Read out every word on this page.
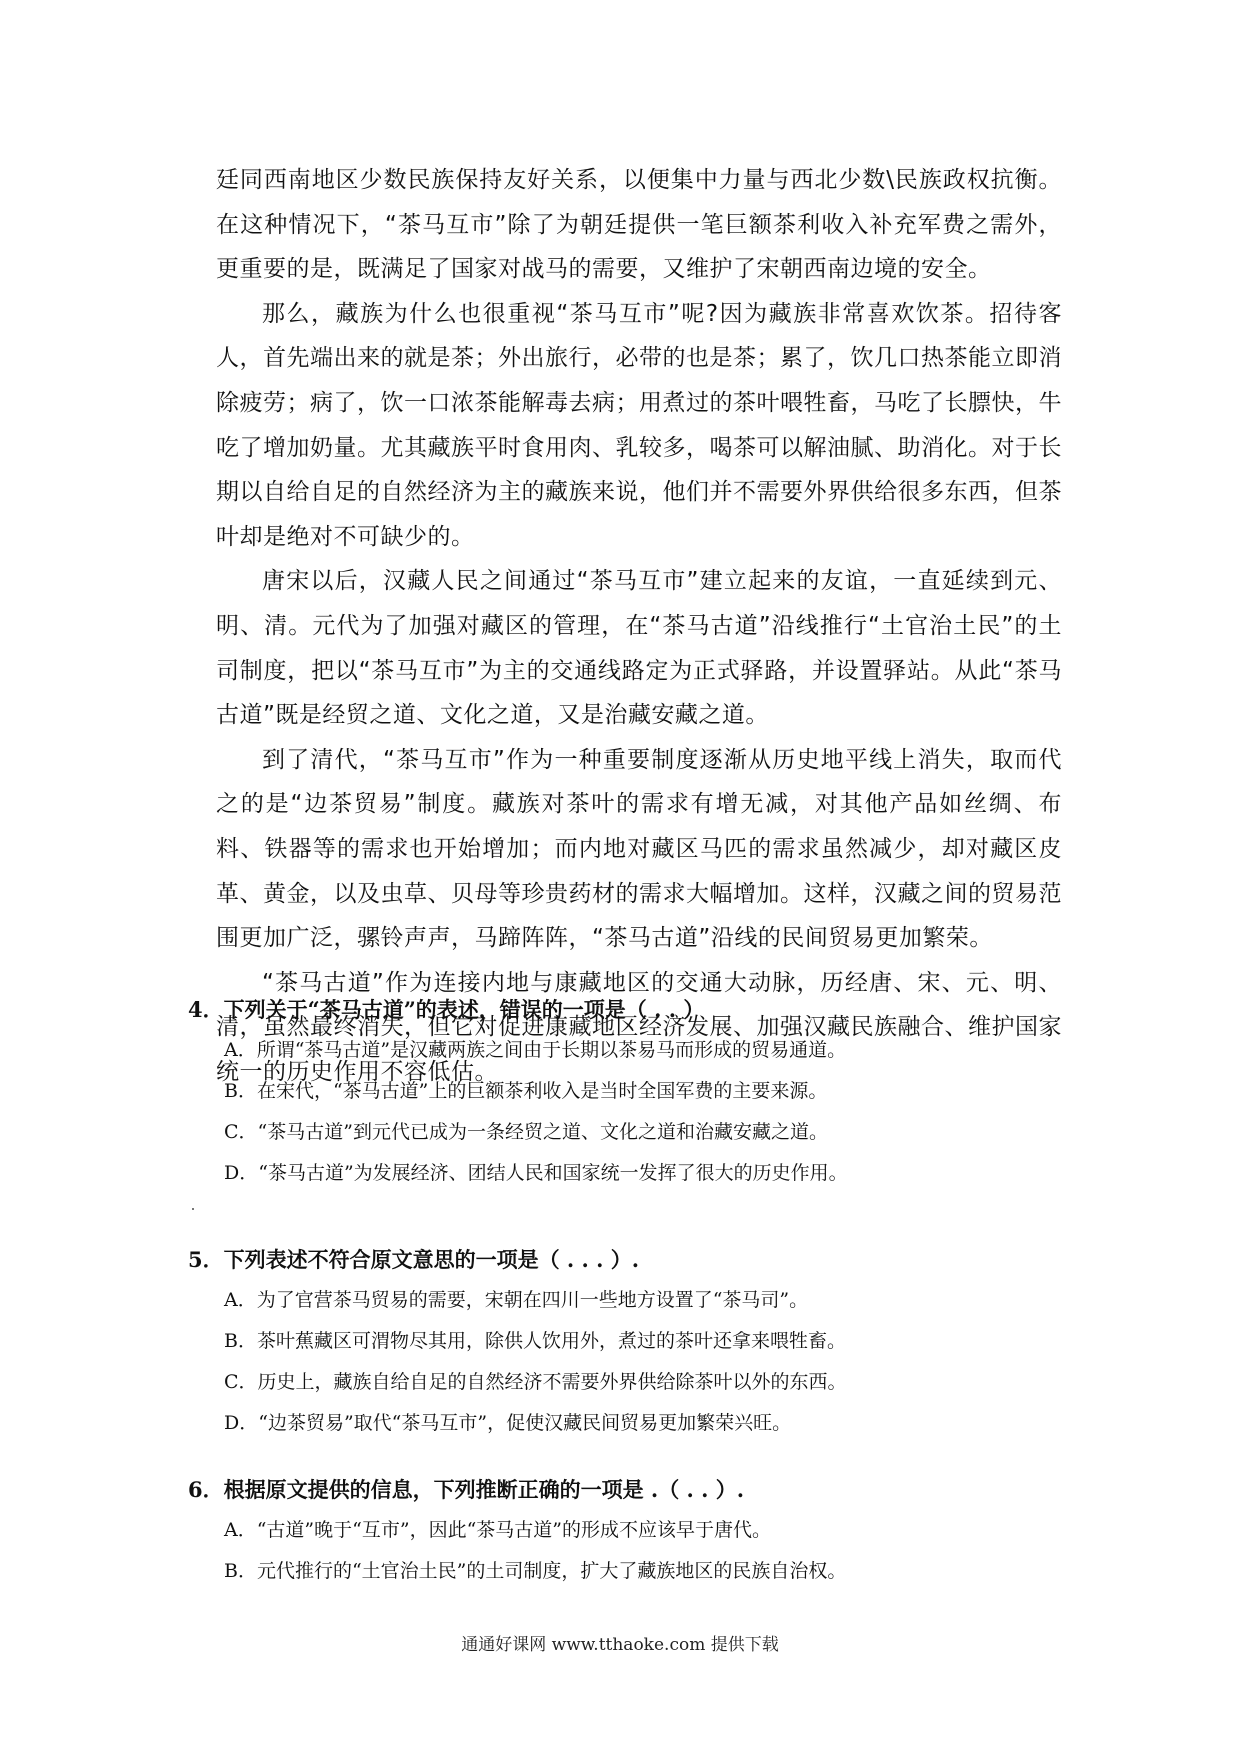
廷同西南地区少数民族保持友好关系，以便集中力量与西北少数\民族政权抗衡。在这种情况下，“茶马互市”除了为朝廷提供一笔巨额茶利收入补充军费之需外，更重要的是，既满足了国家对战马的需要，又维护了宋朝西南边境的安全。

那么，藏族为什么也很重视“茶马互市”呢?因为藏族非常喜欢饮茶。招待客人，首先端出来的就是茶；外出旅行，必带的也是茶；累了，饮几口热茶能立即消除疲劳；病了，饮一口浓茶能解毒去病；用煮过的茶叶喂牲畜，马吃了长膘快，牛吃了增加奶量。尤其藏族平时食用肉、乳较多，喝茶可以解油腻、助消化。对于长期以自给自足的自然经济为主的藏族来说，他们并不需要外界供给很多东西，但茶叶却是绝对不可缺少的。

唐宋以后，汉藏人民之间通过“茶马互市”建立起来的友谊，一直延续到元、明、清。元代为了加强对藏区的管理，在“茶马古道”沿线推行“土官治土民”的土司制度，把以“茶马互市”为主的交通线路定为正式驿路，并设置驿站。从此“茶马古道”既是经贸之道、文化之道，又是治藏安藏之道。

到了清代，“茶马互市”作为一种重要制度逐渐从历史地平线上消失，取而代之的是“边茶贸易”制度。藏族对茶叶的需求有增无减，对其他产品如丝绸、布料、铁器等的需求也开始增加；而内地对藏区马匹的需求虽然减少，却对藏区皮革、黄金，以及虫草、贝母等珍贵药材的需求大幅增加。这样，汉藏之间的贸易范围更加广泛，骡铃声声，马蹄阵阵，“茶马古道”沿线的民间贸易更加繁荣。

“茶马古道”作为连接内地与康藏地区的交通大动脉，历经唐、宋、元、明、清，虽然最终消失，但它对促进康藏地区经济发展、加强汉藏民族融合、维护国家统一的历史作用不容低估。

4．下列关于“茶马古道”的表述，错误的一项是（ . . ）

A．所谓“茶马古道”是汉藏两族之间由于长期以茶易马而形成的贸易通道。

B．在宋代，“茶马古道”上的巨额茶利收入是当时全国军费的主要来源。

C．“茶马古道”到元代已成为一条经贸之道、文化之道和治藏安藏之道。

D．“茶马古道”为发展经济、团结人民和国家统一发挥了很大的历史作用。

5．下列表述不符合原文意思的一项是（ . . . ）.

A．为了官营茶马贸易的需要，宋朝在四川一些地方设置了“茶马司”。

B．茶叶蕉藏区可渭物尽其用，除供人饮用外，煮过的茶叶还拿来喂牲畜。

C．历史上，藏族自给自足的自然经济不需要外界供给除茶叶以外的东西。

D．“边茶贸易”取代“茶马互市”，促使汉藏民间贸易更加繁荣兴旺。

6．根据原文提供的信息，下列推断正确的一项是 .（ . . ）.

A．“古道”晚于“互市”，因此“茶马古道”的形成不应该早于唐代。

B．元代推行的“土官治土民”的土司制度，扩大了藏族地区的民族自治权。

通通好课网 www.tthaoke.com 提供下载
